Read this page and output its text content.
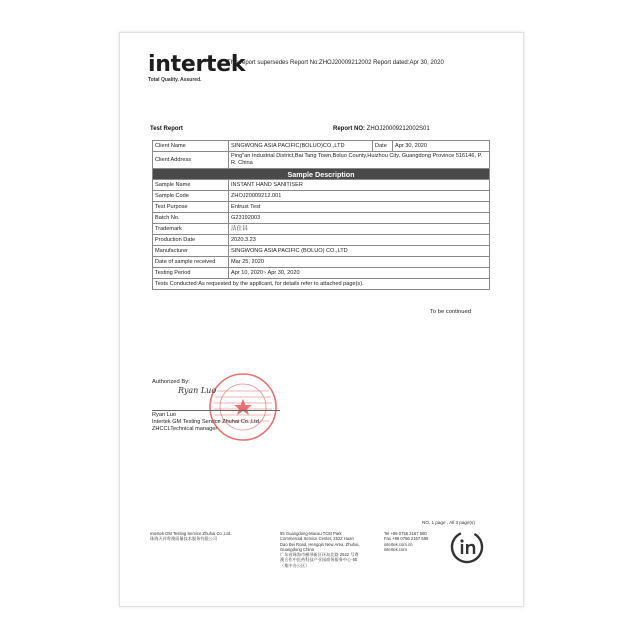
intertek
Total Quality. Assured.
This report supersedes Report No:ZHOJ20009212002 Report dated:Apr 30, 2020
Test Report	Report NO: ZHOJ20009212002S01
Client Name	SINGWONG ASIA PACIFIC(BOLUO)CO.,LTD	Date	Apr 30, 2020
Client Address	Ping"an Industrial District,Bai Tang Town,Boluo County,Huizhou City, Guangdong Province 516146, P. R. China		
Sample Description			
Sample Name	INSTANT HAND SANITISER		
Sample Code	ZHOJ20009212.001		
Test Purpose	Entrust Test		
Batch No.	G23192003		
Trademark	洁仕昌		
Production Date	2020.3.23		
Manufacturer	SINGWONG ASIA PACIFIC (BOLUO) CO.,LTD		
Date of sample received	Mar 25, 2020		
Testing Period	Apr 10, 2020~ Apr 30, 2020		
Tests Conducted:As requested by the applicant, for details refer to attached page(s).			
To be continued
Authorized By:
Ryan Luo
Ryan Luo
Intertek GM Testing Service Zhuhai Co.,Ltd.
ZHCCLTechnical manager
NO. 1 page , All 3 page(s)
Intertek GM Testing Service Zhuhai Co.,Ltd.
珠海天祥粤澳质量技术服务有限公司
55 Guangdong-Macau TCM Park
Commercial Service Center, 2522 Huan
Dao Bei Road, Hengqin New Area, Zhuhai,
Guangdong China
广东省珠海市横琴新区环岛北路 2522 号粤
澳合作中医药科技产业园商务服务中心-55
（集中办公区）
Tel +86 0756 2167 580
Fax +86 0756 2167 595
intertek.com.cn
intertek.com
